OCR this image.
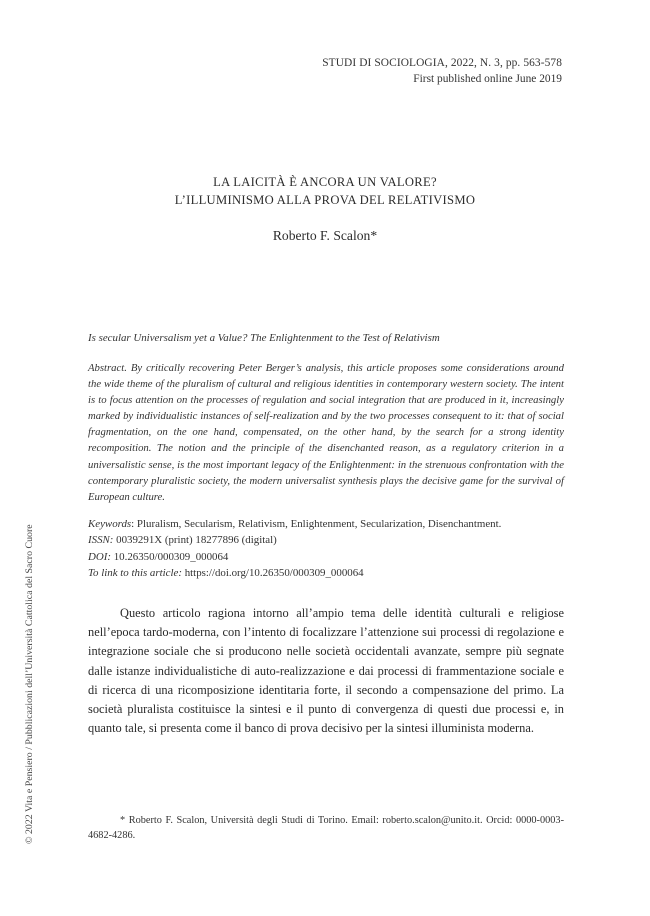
STUDI DI SOCIOLOGIA, 2022, N. 3, pp. 563-578
First published online June 2019
LA LAICITÀ È ANCORA UN VALORE?
L’ILLUMINISMO ALLA PROVA DEL RELATIVISMO
Roberto F. Scalon*
Is secular Universalism yet a Value? The Enlightenment to the Test of Relativism

Abstract. By critically recovering Peter Berger’s analysis, this article proposes some considerations around the wide theme of the pluralism of cultural and religious identities in contemporary western society. The intent is to focus attention on the processes of regulation and social integration that are produced in it, increasingly marked by individualistic instances of self-realization and by the two processes consequent to it: that of social fragmentation, on the one hand, compensated, on the other hand, by the search for a strong identity recomposition. The notion and the principle of the disenchanted reason, as a regulatory criterion in a universalistic sense, is the most important legacy of the Enlightenment: in the strenuous confrontation with the contemporary pluralistic society, the modern universalist synthesis plays the decisive game for the survival of European culture.

Keywords: Pluralism, Secularism, Relativism, Enlightenment, Secularization, Disenchantment.
ISSN: 0039291X (print) 18277896 (digital)
DOI: 10.26350/000309_000064
To link to this article: https://doi.org/10.26350/000309_000064

Questo articolo ragiona intorno all’ampio tema delle identità culturali e religiose nell’epoca tardo-moderna, con l’intento di focalizzare l’attenzione sui processi di regolazione e integrazione sociale che si producono nelle società occidentali avanzate, sempre più segnate dalle istanze individualistiche di auto-realizzazione e dai processi di frammentazione sociale e di ricerca di una ricomposizione identitaria forte, il secondo a compensazione del primo. La società pluralista costituisce la sintesi e il punto di convergenza di questi due processi e, in quanto tale, si presenta come il banco di prova decisivo per la sintesi illuminista moderna.

* Roberto F. Scalon, Università degli Studi di Torino. Email: roberto.scalon@unito.it. Orcid: 0000-0003-4682-4286.

© 2022 Vita e Pensiero / Pubblicazioni dell’Università Cattolica del Sacro Cuore
